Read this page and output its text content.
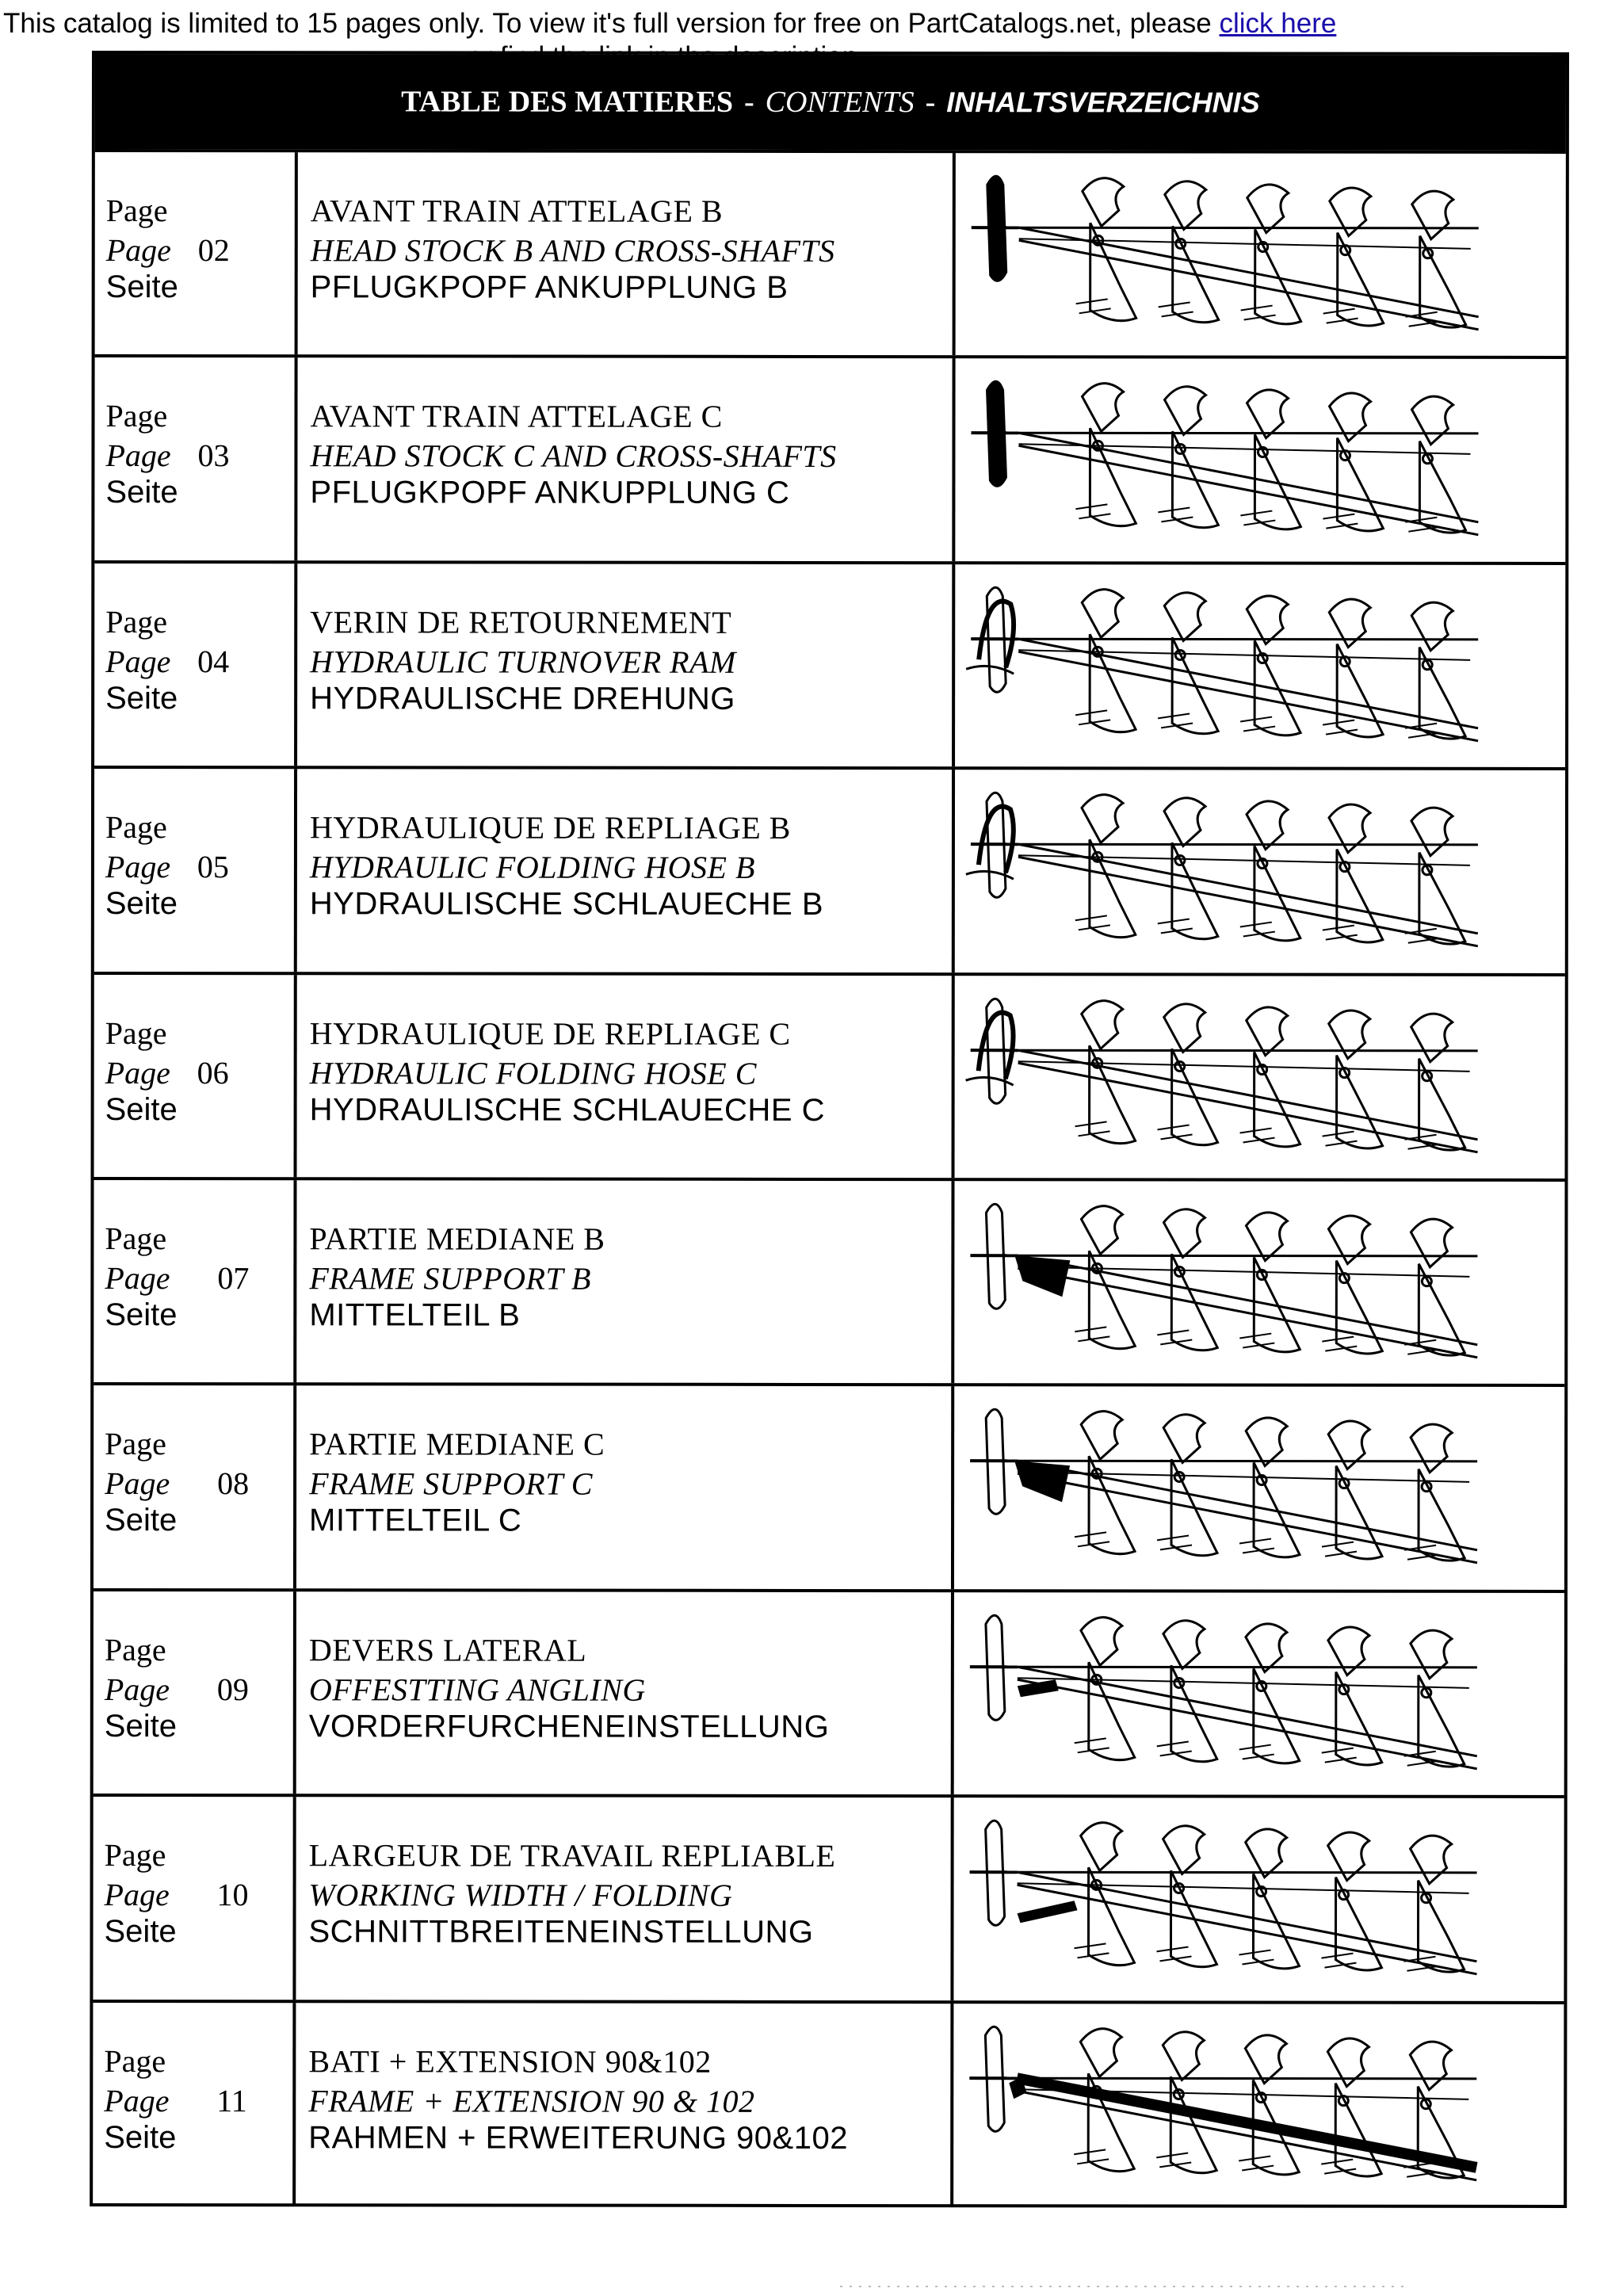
This catalog is limited to 15 pages only. To view it's full version for free on PartCatalogs.net, please click here
TABLE DES MATIERES - CONTENTS - INHALTSVERZEICHNIS
Page
Page
Seite
02
AVANT TRAIN ATTELAGE B
HEAD STOCK B AND CROSS-SHAFTS
PFLUGKPOPF ANKUPPLUNG B
Page
Page
Seite
03
AVANT TRAIN ATTELAGE C
HEAD STOCK C AND CROSS-SHAFTS
PFLUGKPOPF ANKUPPLUNG C
Page
Page
Seite
04
VERIN DE RETOURNEMENT
HYDRAULIC TURNOVER RAM
HYDRAULISCHE DREHUNG
Page
Page
Seite
05
HYDRAULIQUE DE REPLIAGE B
HYDRAULIC FOLDING HOSE B
HYDRAULISCHE SCHLAUECHE B
Page
Page
Seite
06
HYDRAULIQUE DE REPLIAGE C
HYDRAULIC FOLDING HOSE C
HYDRAULISCHE SCHLAUECHE C
Page
Page
Seite
07
PARTIE MEDIANE B
FRAME SUPPORT B
MITTELTEIL B
Page
Page
Seite
08
PARTIE MEDIANE C
FRAME SUPPORT C
MITTELTEIL C
Page
Page
Seite
09
DEVERS LATERAL
OFFESTTING ANGLING
VORDERFURCHENEINSTELLUNG
Page
Page
Seite
10
LARGEUR DE TRAVAIL REPLIABLE
WORKING WIDTH / FOLDING
SCHNITTBREITENEINSTELLUNG
Page
Page
Seite
11
BATI + EXTENSION 90&102
FRAME + EXTENSION 90 & 102
RAHMEN + ERWEITERUNG 90&102
